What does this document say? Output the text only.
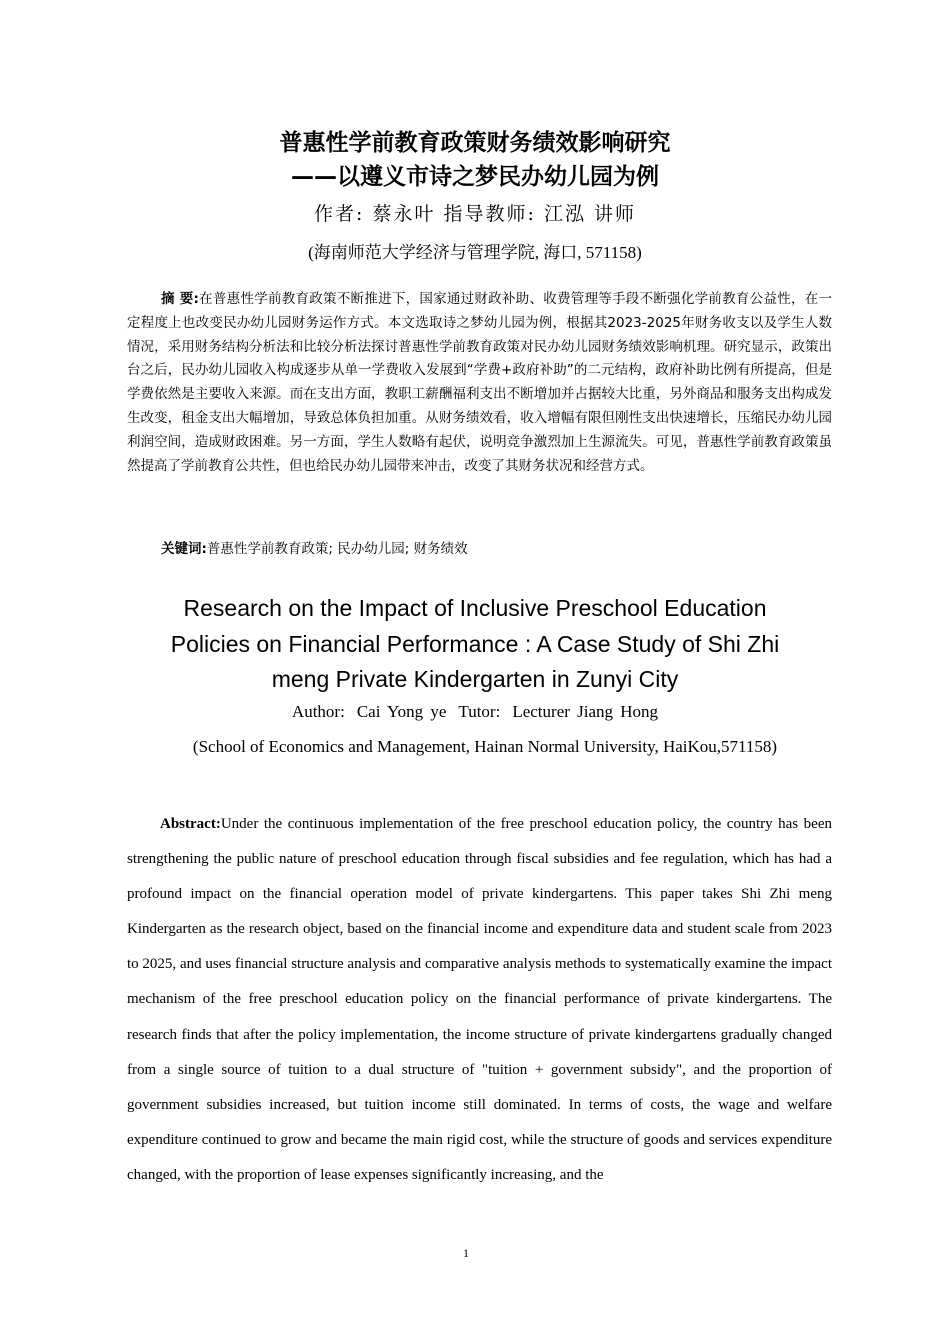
普惠性学前教育政策财务绩效影响研究
——以遵义市诗之梦民办幼儿园为例
作者: 蔡永叶 指导教师: 江泓 讲师
(海南师范大学经济与管理学院, 海口, 571158)
摘 要:在普惠性学前教育政策不断推进下，国家通过财政补助、收费管理等手段不断强化学前教育公益性，在一定程度上也改变民办幼儿园财务运作方式。本文选取诗之梦幼儿园为例，根据其2023-2025年财务收支以及学生人数情况，采用财务结构分析法和比较分析法探讨普惠性学前教育政策对民办幼儿园财务绩效影响机理。研究显示，政策出台之后，民办幼儿园收入构成逐步从单一学费收入发展到“学费+政府补助”的二元结构，政府补助比例有所提高，但是学费依然是主要收入来源。而在支出方面，教职工薪酬福利支出不断增加并占据较大比重，另外商品和服务支出构成发生改变，租金支出大幅增加，导致总体负担加重。从财务绩效看，收入增幅有限但刚性支出快速增长，压缩民办幼儿园利润空间，造成财政困难。另一方面，学生人数略有起伏，说明竞争激烈加上生源流失。可见，普惠性学前教育政策虽然提高了学前教育公共性，但也给民办幼儿园带来冲击，改变了其财务状况和经营方式。
关键词:普惠性学前教育政策; 民办幼儿园; 财务绩效
Research on the Impact of Inclusive Preschool Education Policies on Financial Performance : A Case Study of Shi Zhi meng Private Kindergarten in Zunyi City
Author: Cai Yong ye Tutor: Lecturer Jiang Hong
(School of Economics and Management, Hainan Normal University, HaiKou,571158)
Abstract:Under the continuous implementation of the free preschool education policy, the country has been strengthening the public nature of preschool education through fiscal subsidies and fee regulation, which has had a profound impact on the financial operation model of private kindergartens. This paper takes Shi Zhi meng Kindergarten as the research object, based on the financial income and expenditure data and student scale from 2023 to 2025, and uses financial structure analysis and comparative analysis methods to systematically examine the impact mechanism of the free preschool education policy on the financial performance of private kindergartens. The research finds that after the policy implementation, the income structure of private kindergartens gradually changed from a single source of tuition to a dual structure of "tuition + government subsidy", and the proportion of government subsidies increased, but tuition income still dominated. In terms of costs, the wage and welfare expenditure continued to grow and became the main rigid cost, while the structure of goods and services expenditure changed, with the proportion of lease expenses significantly increasing, and the
1
